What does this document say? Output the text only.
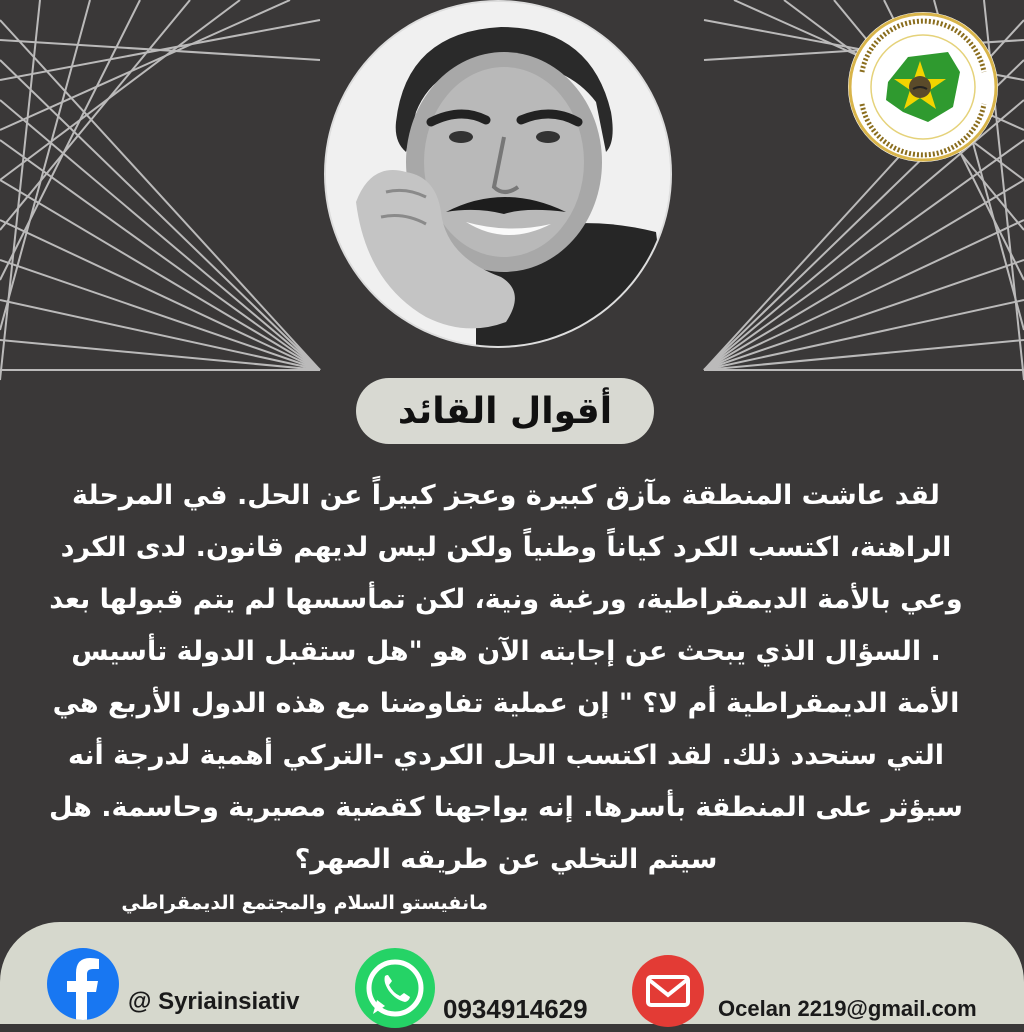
أقوال القائد
لقد عاشت المنطقة مآزق كبيرة وعجز كبيراً عن الحل. في المرحلة
الراهنة، اكتسب الكرد كياناً وطنياً ولكن ليس لديهم قانون. لدى الكرد
وعي بالأمة الديمقراطية، ورغبة ونية، لكن تمأسسها لم يتم قبولها بعد
. السؤال الذي يبحث عن إجابته الآن هو "هل ستقبل الدولة تأسيس
الأمة الديمقراطية أم لا؟ " إن عملية تفاوضنا مع هذه الدول الأربع هي
التي ستحدد ذلك. لقد اكتسب الحل الكردي -التركي أهمية لدرجة أنه
سيؤثر على المنطقة بأسرها. إنه يواجهنا كقضية مصيرية وحاسمة. هل
سيتم التخلي عن طريقه الصهر؟
مانفيستو السلام والمجتمع الديمقراطي
@ Syriainsiativ	0934914629	Ocelan 2219@gmail.com
